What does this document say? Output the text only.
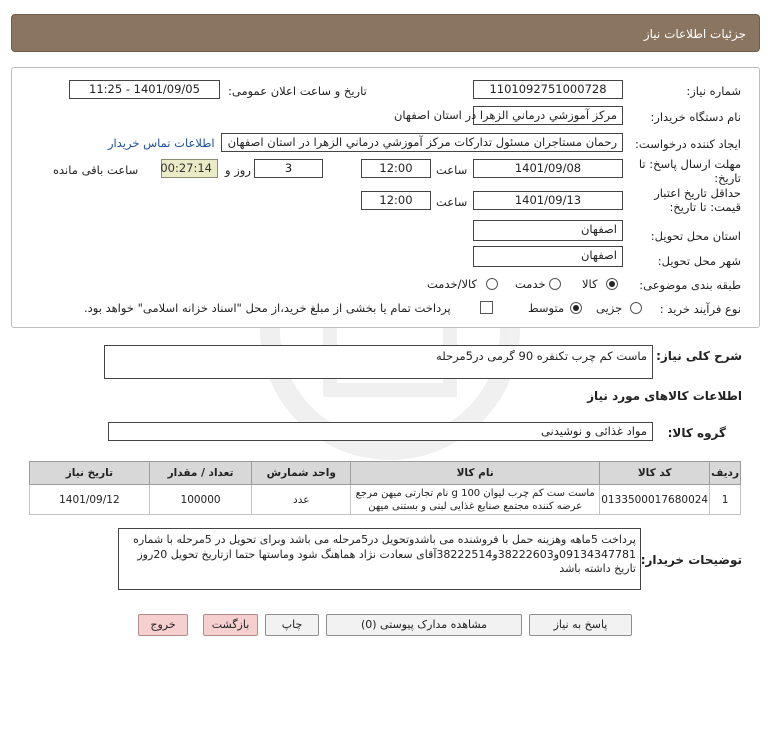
جزئیات اطلاعات نیاز
شماره نیاز:
1101092751000728
تاریخ و ساعت اعلان عمومی:
1401/09/05 - 11:25
نام دستگاه خریدار:
مرکز آموزشي درماني الزهرا در استان اصفهان
ایجاد کننده درخواست:
رحمان مستاجران مسئول تدارکات مرکز آموزشي درماني الزهرا در استان اصفهان
اطلاعات تماس خریدار
مهلت ارسال پاسخ: تا
تاریخ:
1401/09/08
ساعت
12:00
3
روز و
00:27:14
ساعت باقی مانده
حداقل تاریخ اعتبار
قیمت: تا تاریخ:
1401/09/13
ساعت
12:00
استان محل تحویل:
اصفهان
شهر محل تحویل:
اصفهان
طبقه بندی موضوعی:
کالا
خدمت
کالا/خدمت
نوع فرآیند خرید :
جزیی
متوسط
پرداخت تمام یا بخشی از مبلغ خرید،از محل "اسناد خزانه اسلامی" خواهد بود.
شرح کلی نیاز:
ماست کم چرب تکنفره 90 گرمی در5مرحله
اطلاعات کالاهای مورد نیاز
گروه کالا:
مواد غذائی و نوشیدنی
ردیف	کد کالا	نام کالا	واحد شمارش	تعداد / مقدار	تاریخ نیاز
1	0133500017680024	ماست ست کم چرب لیوان 100 g نام تجارتی میهن مرجع
عرضه کننده مجتمع صنایع غذایی لبنی و بستنی میهن	عدد	100000	1401/09/12
توضیحات خریدار:
پرداخت 5ماهه وهزینه حمل با فروشنده می باشدوتحویل در5مرحله می باشد وبرای تحویل در 5مرحله با شماره 09134347781و38222603و38222514آقای سعادت نژاد هماهنگ شود وماستها حتما ازتاریخ تحویل 20روز تاریخ داشته باشد
پاسخ به نیاز
مشاهده مدارک پیوستی (0)
چاپ
بازگشت
خروج
